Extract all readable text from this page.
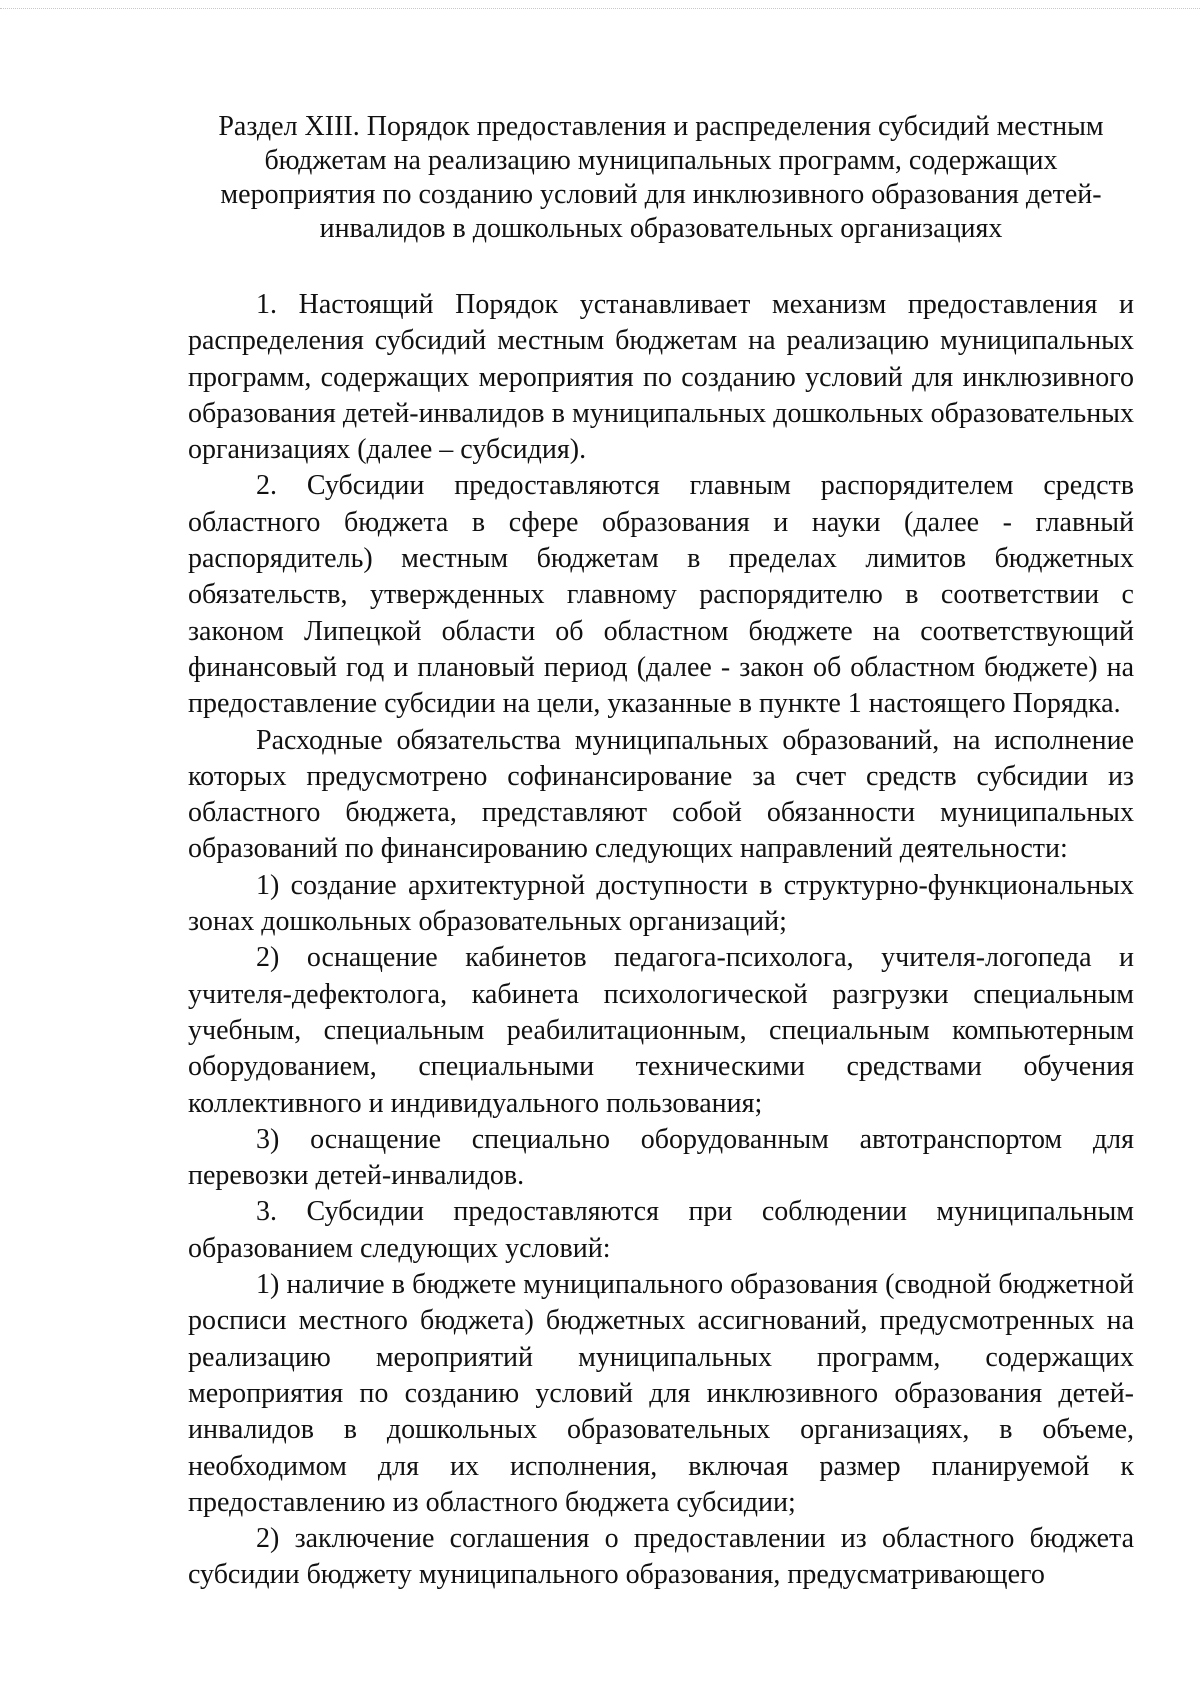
Раздел XIII. Порядок предоставления и распределения субсидий местным
бюджетам на реализацию муниципальных программ, содержащих
мероприятия по созданию условий для инклюзивного образования детей-
инвалидов в дошкольных образовательных организациях

1. Настоящий Порядок устанавливает механизм предоставления и распределения субсидий местным бюджетам на реализацию муниципальных программ, содержащих мероприятия по созданию условий для инклюзивного образования детей-инвалидов в муниципальных дошкольных образовательных организациях (далее – субсидия).

2. Субсидии предоставляются главным распорядителем средств областного бюджета в сфере образования и науки (далее - главный распорядитель) местным бюджетам в пределах лимитов бюджетных обязательств, утвержденных главному распорядителю в соответствии с законом Липецкой области об областном бюджете на соответствующий финансовый год и плановый период (далее - закон об областном бюджете) на предоставление субсидии на цели, указанные в пункте 1 настоящего Порядка.

Расходные обязательства муниципальных образований, на исполнение которых предусмотрено софинансирование за счет средств субсидии из областного бюджета, представляют собой обязанности муниципальных образований по финансированию следующих направлений деятельности:

1) создание архитектурной доступности в структурно-функциональных зонах дошкольных образовательных организаций;

2) оснащение кабинетов педагога-психолога, учителя-логопеда и учителя-дефектолога, кабинета психологической разгрузки специальным учебным, специальным реабилитационным, специальным компьютерным оборудованием, специальными техническими средствами обучения коллективного и индивидуального пользования;

3) оснащение специально оборудованным автотранспортом для перевозки детей-инвалидов.

3. Субсидии предоставляются при соблюдении муниципальным образованием следующих условий:

1) наличие в бюджете муниципального образования (сводной бюджетной росписи местного бюджета) бюджетных ассигнований, предусмотренных на реализацию мероприятий муниципальных программ, содержащих мероприятия по созданию условий для инклюзивного образования детей-инвалидов в дошкольных образовательных организациях, в объеме, необходимом для их исполнения, включая размер планируемой к предоставлению из областного бюджета субсидии;

2) заключение соглашения о предоставлении из областного бюджета субсидии бюджету муниципального образования, предусматривающего
